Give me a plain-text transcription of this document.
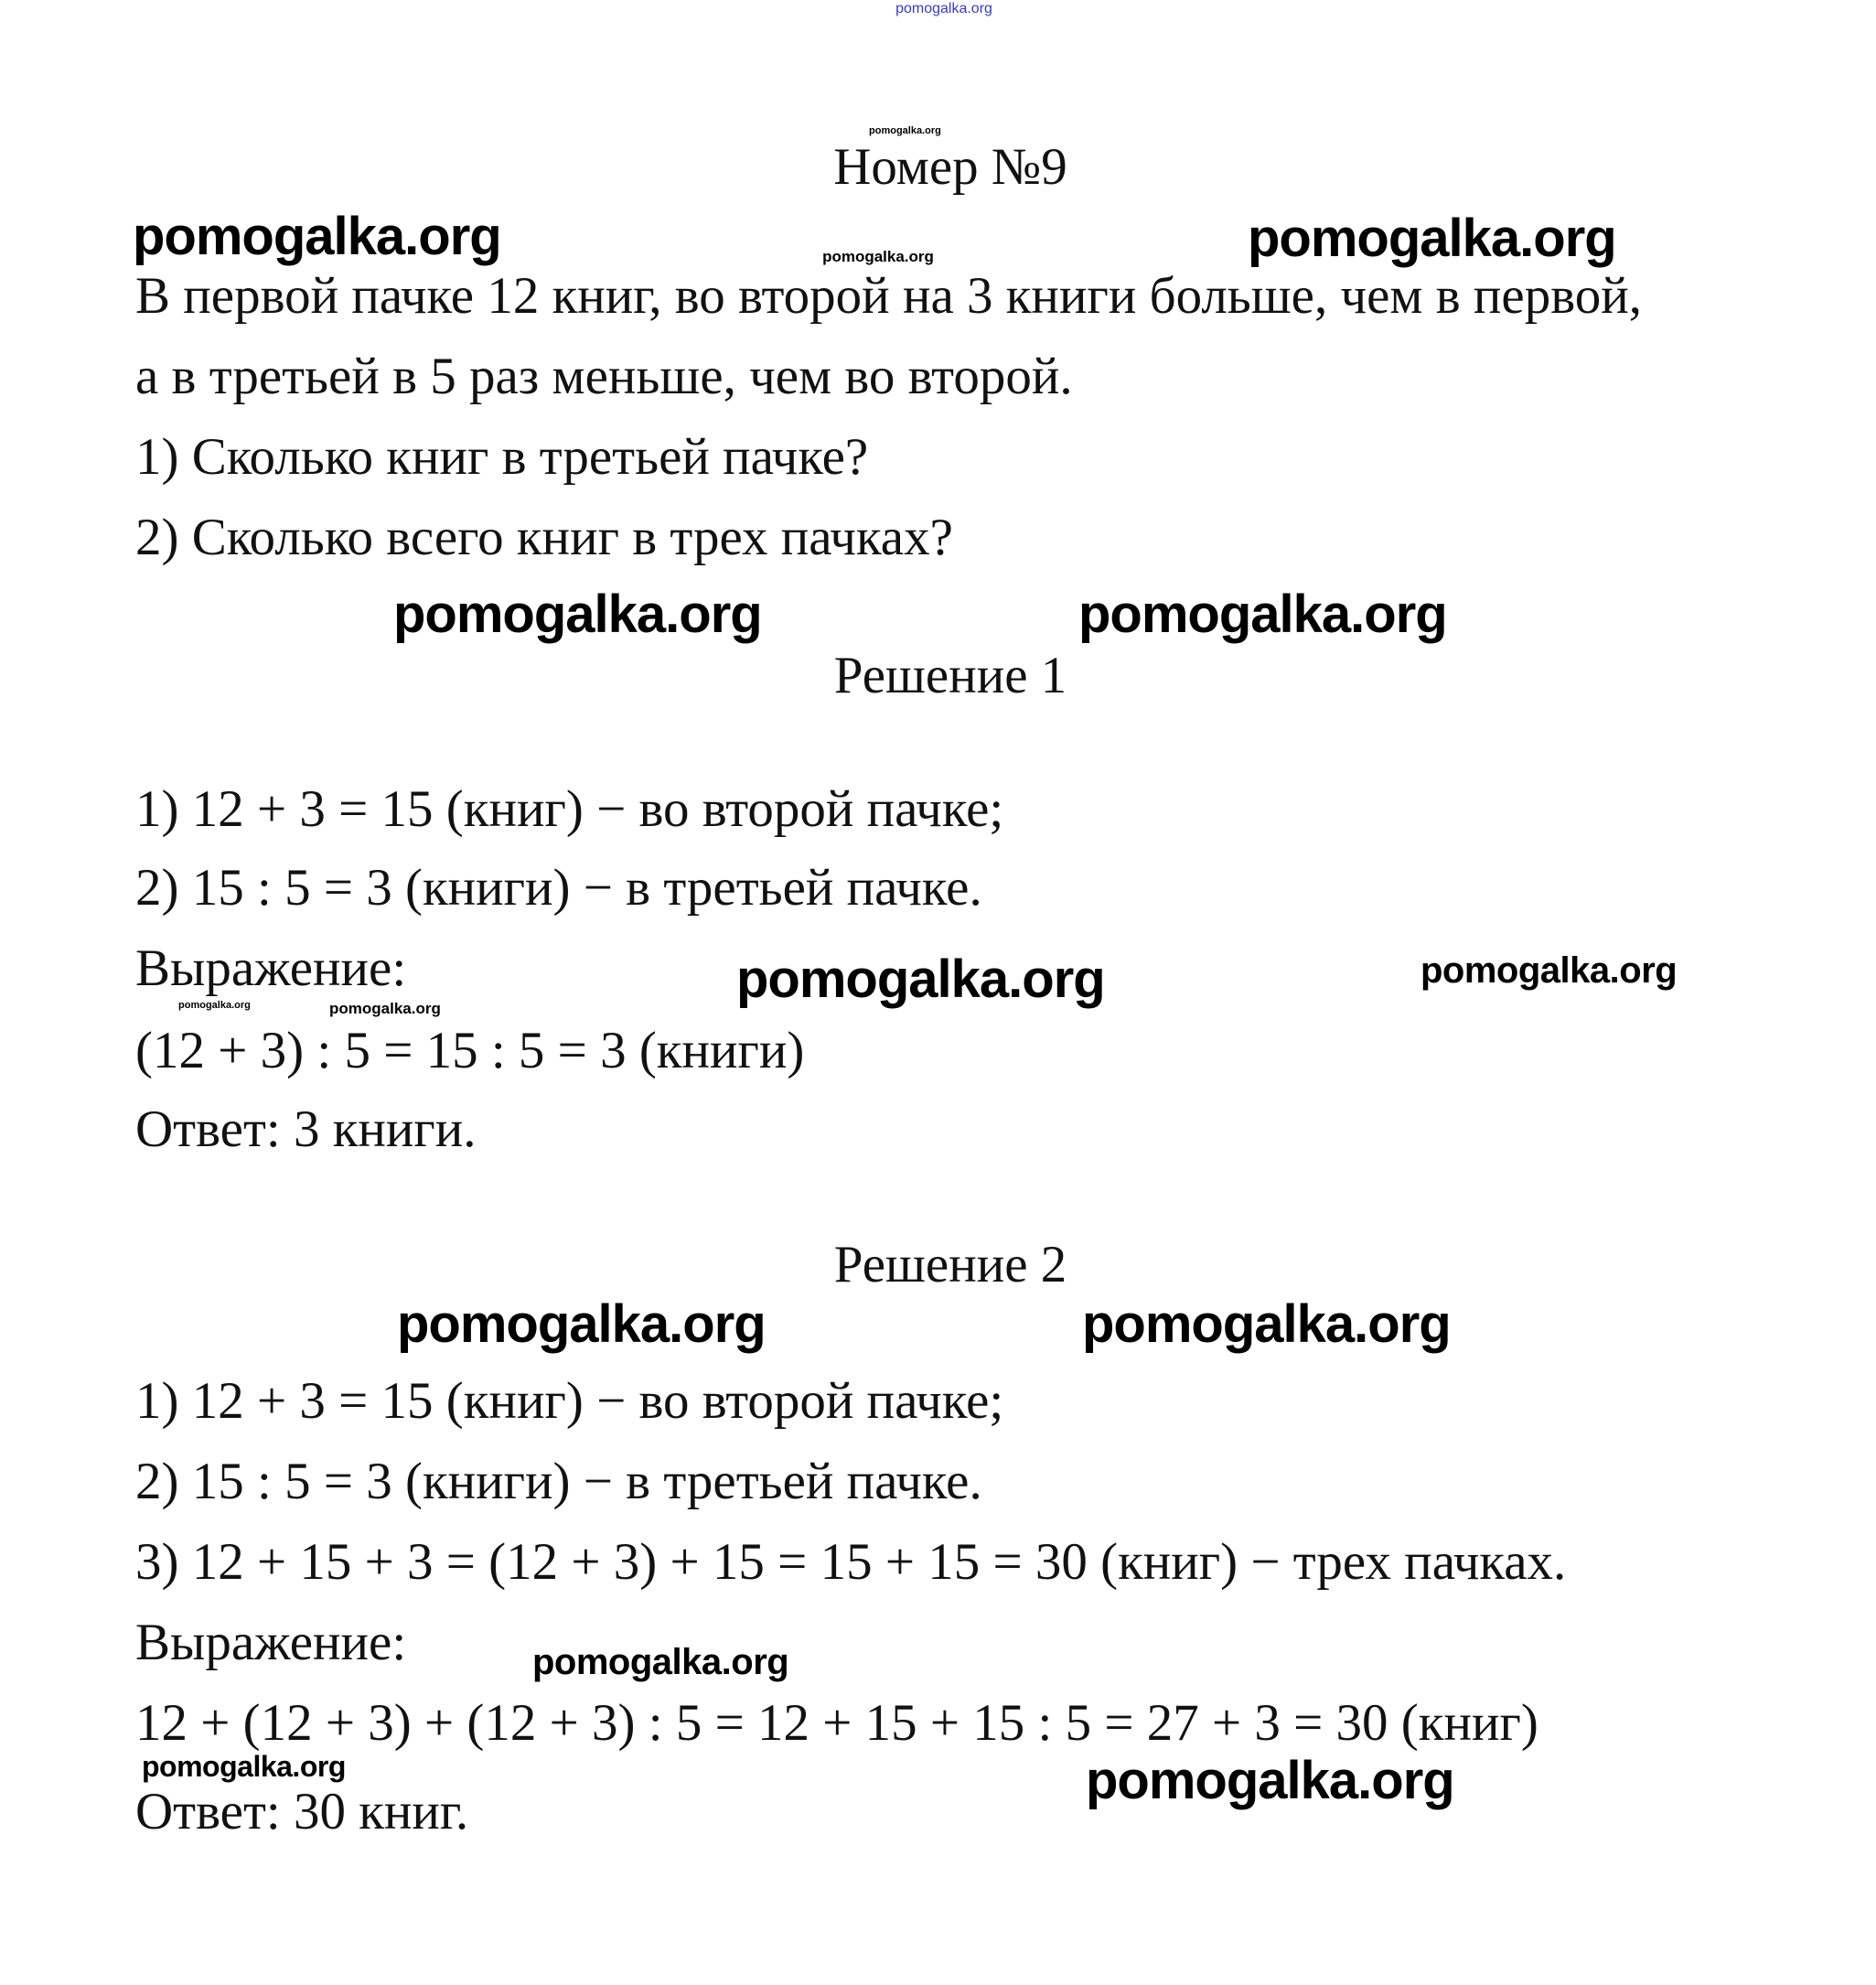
pomogalka.org
pomogalka.org
pomogalka.org	pomogalka.org	pomogalka.org
pomogalka.org	pomogalka.org
pomogalka.org	pomogalka.org
pomogalka.org	pomogalka.org
pomogalka.org	pomogalka.org
pomogalka.org
pomogalka.org	pomogalka.org
Номер №9
В первой пачке 12 книг, во второй на 3 книги больше, чем в первой,
а в третьей в 5 раз меньше, чем во второй.
1) Сколько книг в третьей пачке?
2) Сколько всего книг в трех пачках?
Решение 1
1) 12 + 3 = 15 (книг) − во второй пачке;
2) 15 : 5 = 3 (книги) − в третьей пачке.
Выражение:
(12 + 3) : 5 = 15 : 5 = 3 (книги)
Ответ: 3 книги.
Решение 2
1) 12 + 3 = 15 (книг) − во второй пачке;
2) 15 : 5 = 3 (книги) − в третьей пачке.
3) 12 + 15 + 3 = (12 + 3) + 15 = 15 + 15 = 30 (книг) − трех пачках.
Выражение:
12 + (12 + 3) + (12 + 3) : 5 = 12 + 15 + 15 : 5 = 27 + 3 = 30 (книг)
Ответ: 30 книг.
